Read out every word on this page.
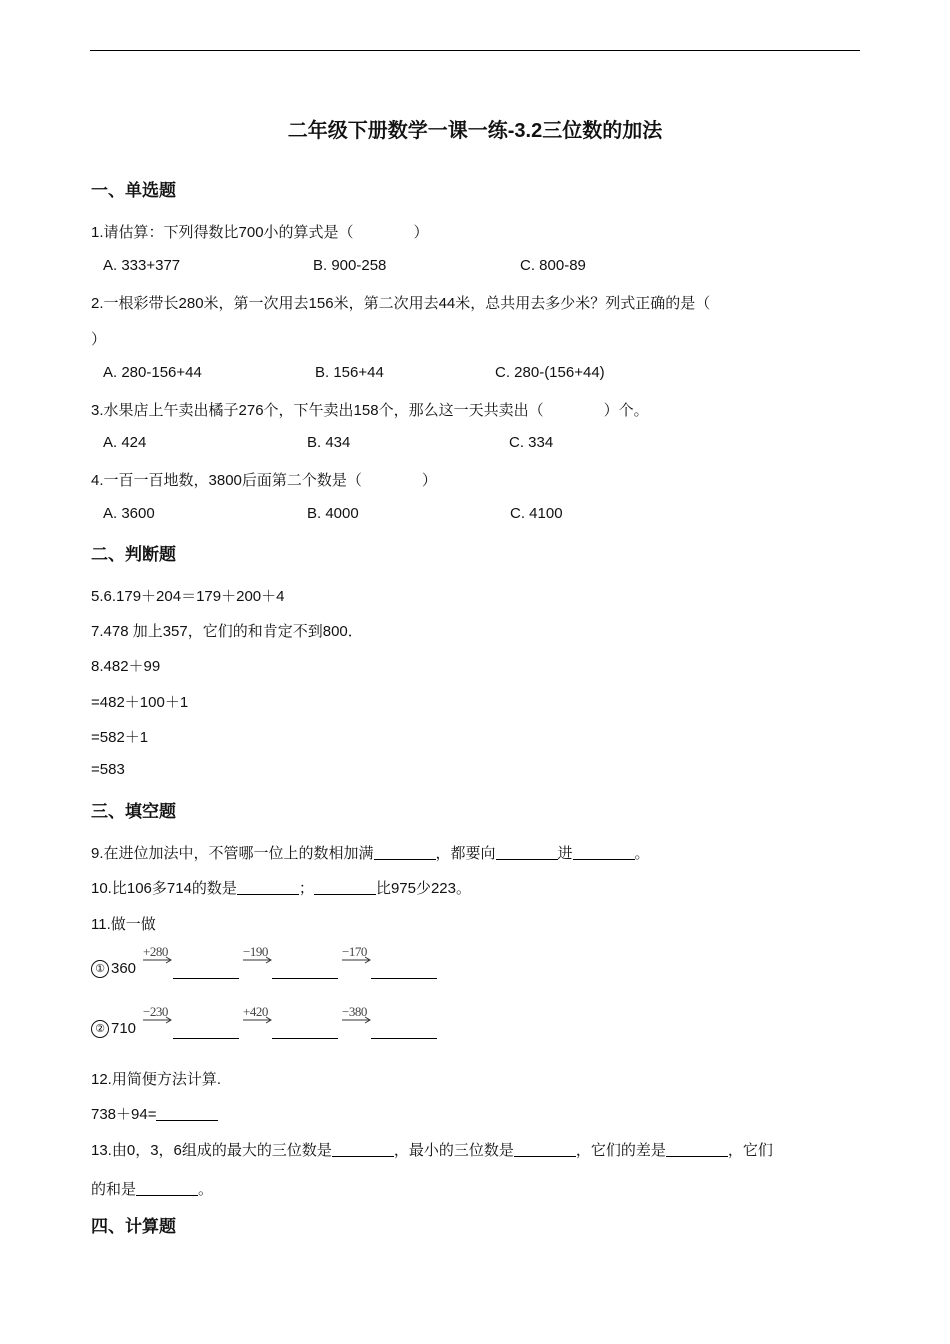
二年级下册数学一课一练-3.2三位数的加法
一、单选题
1.请估算：下列得数比700小的算式是（　　　　）
A. 333+377	B. 900-258	C. 800-89
2.一根彩带长280米，第一次用去156米，第二次用去44米，总共用去多少米？列式正确的是（
）
A. 280-156+44	B. 156+44	C. 280-(156+44)
3.水果店上午卖出橘子276个，下午卖出158个，那么这一天共卖出（　　　　）个。
A. 424	B. 434	C. 334
4.一百一百地数，3800后面第二个数是（　　　　）
A. 3600	B. 4000	C. 4100
二、判断题
5.6.179＋204＝179＋200＋4
7.478 加上357，它们的和肯定不到800．
8.482＋99
=482＋100＋1
=582＋1
=583
三、填空题
9.在进位加法中，不管哪一位上的数相加满	，都要向	进	。
10.比106多714的数是	；	比975少223。
11.做一做
① 360
+280	−190	−170
② 710
−230	+420	−380
12.用简便方法计算.
738＋94=
13.由0，3，6组成的最大的三位数是	，最小的三位数是	，它们的差是	，它们
的和是	。
四、计算题
